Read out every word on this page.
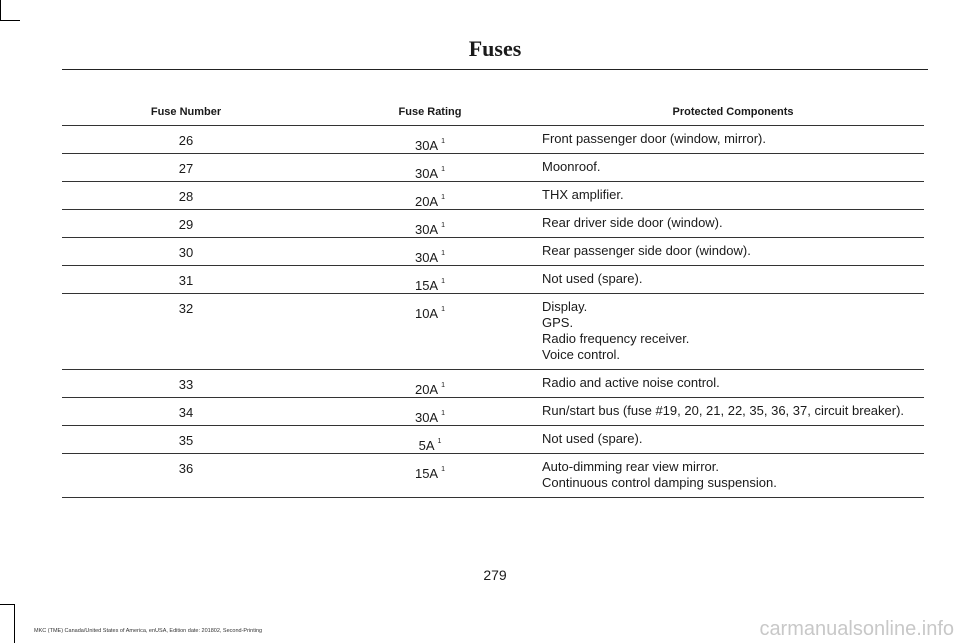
Fuses
Fuse Number	Fuse Rating	Protected Components
26	30A $^1$	Front passenger door (window, mirror).
27	30A $^1$	Moonroof.
28	20A $^1$	THX amplifier.
29	30A $^1$	Rear driver side door (window).
30	30A $^1$	Rear passenger side door (window).
31	15A $^1$	Not used (spare).
32	10A $^1$	Display.
GPS.
Radio frequency receiver.
Voice control.
33	20A $^1$	Radio and active noise control.
34	30A $^1$	Run/start bus (fuse #19, 20, 21, 22, 35, 36, 37, circuit breaker).
35	5A $^1$	Not used (spare).
36	15A $^1$	Auto-dimming rear view mirror.
Continuous control damping suspension.
279
MKC (TME) Canada/United States of America, enUSA, Edition date: 201802, Second-Printing	carmanualsonline.info
